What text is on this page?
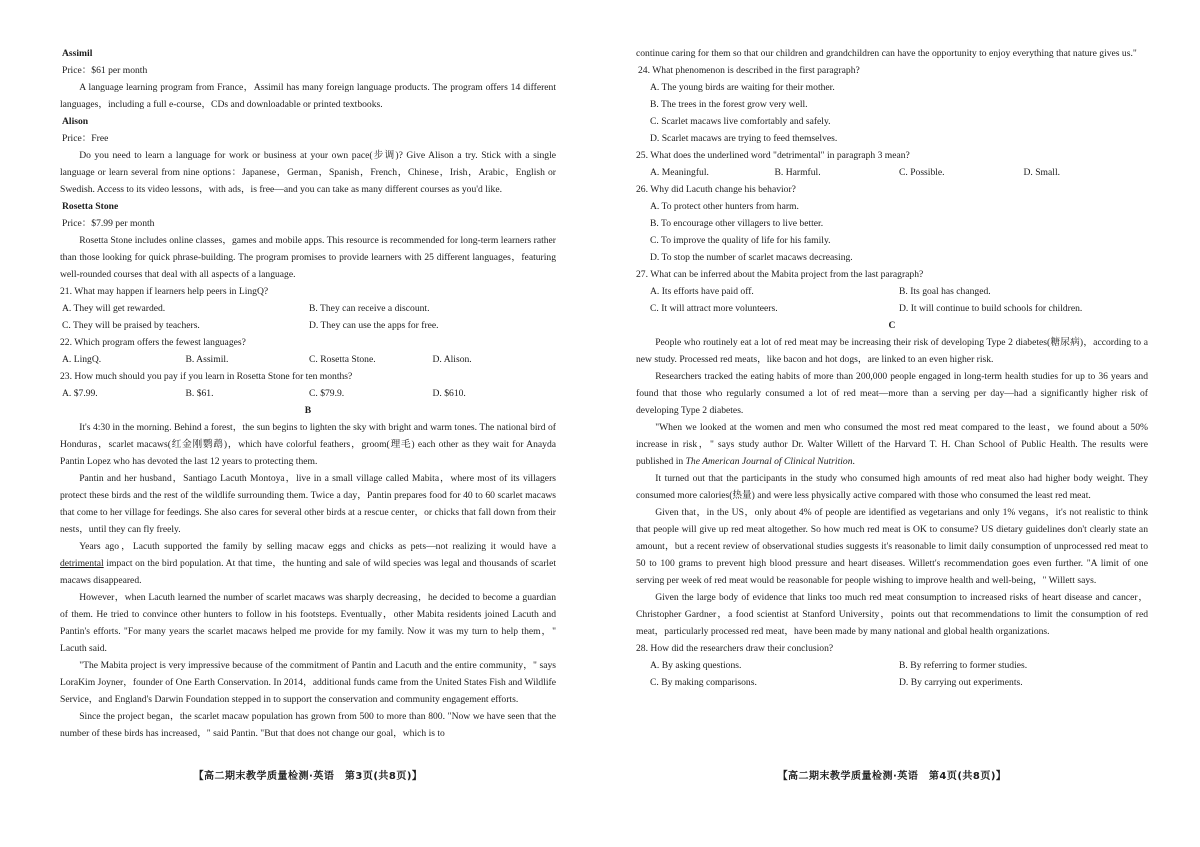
Assimil

Price：$61 per month

A language learning program from France，Assimil has many foreign language products. The program offers 14 different languages，including a full e-course，CDs and downloadable or printed textbooks.

Alison

Price：Free

Do you need to learn a language for work or business at your own pace(步调)? Give Alison a try. Stick with a single language or learn several from nine options：Japanese，German，Spanish，French，Chinese，Irish，Arabic，English or Swedish. Access to its video lessons，with ads，is free—and you can take as many different courses as you'd like.

Rosetta Stone

Price：$7.99 per month

Rosetta Stone includes online classes，games and mobile apps. This resource is recommended for long-term learners rather than those looking for quick phrase-building. The program promises to provide learners with 25 different languages，featuring well-rounded courses that deal with all aspects of a language.

21. What may happen if learners help peers in LingQ?

A. They will get rewarded.	B. They can receive a discount.
C. They will be praised by teachers.	D. They can use the apps for free.

22. Which program offers the fewest languages?

A. LingQ.	B. Assimil.	C. Rosetta Stone.	D. Alison.

23. How much should you pay if you learn in Rosetta Stone for ten months?

A. $7.99.	B. $61.	C. $79.9.	D. $610.

B

It's 4:30 in the morning. Behind a forest，the sun begins to lighten the sky with bright and warm tones. The national bird of Honduras，scarlet macaws(红金刚鹦鹉)，which have colorful feathers，groom(理毛) each other as they wait for Anayda Pantin Lopez who has devoted the last 12 years to protecting them.

Pantin and her husband，Santiago Lacuth Montoya，live in a small village called Mabita，where most of its villagers protect these birds and the rest of the wildlife surrounding them. Twice a day，Pantin prepares food for 40 to 60 scarlet macaws that come to her village for feedings. She also cares for several other birds at a rescue center，or chicks that fall down from their nests，until they can fly freely.

Years ago，Lacuth supported the family by selling macaw eggs and chicks as pets—not realizing it would have a detrimental impact on the bird population. At that time，the hunting and sale of wild species was legal and thousands of scarlet macaws disappeared.

However，when Lacuth learned the number of scarlet macaws was sharply decreasing，he decided to become a guardian of them. He tried to convince other hunters to follow in his footsteps. Eventually，other Mabita residents joined Lacuth and Pantin's efforts. "For many years the scarlet macaws helped me provide for my family. Now it was my turn to help them，" Lacuth said.

"The Mabita project is very impressive because of the commitment of Pantin and Lacuth and the entire community，" says LoraKim Joyner，founder of One Earth Conservation. In 2014，additional funds came from the United States Fish and Wildlife Service，and England's Darwin Foundation stepped in to support the conservation and community engagement efforts.

Since the project began，the scarlet macaw population has grown from 500 to more than 800. "Now we have seen that the number of these birds has increased，" said Pantin. "But that does not change our goal，which is to

【高二期末教学质量检测·英语　第3页(共8页)】

continue caring for them so that our children and grandchildren can have the opportunity to enjoy everything that nature gives us."

24. What phenomenon is described in the first paragraph?

A. The young birds are waiting for their mother.

B. The trees in the forest grow very well.

C. Scarlet macaws live comfortably and safely.

D. Scarlet macaws are trying to feed themselves.

25. What does the underlined word "detrimental" in paragraph 3 mean?

A. Meaningful.	B. Harmful.	C. Possible.	D. Small.

26. Why did Lacuth change his behavior?

A. To protect other hunters from harm.

B. To encourage other villagers to live better.

C. To improve the quality of life for his family.

D. To stop the number of scarlet macaws decreasing.

27. What can be inferred about the Mabita project from the last paragraph?

A. Its efforts have paid off.	B. Its goal has changed.
C. It will attract more volunteers.	D. It will continue to build schools for children.

C

People who routinely eat a lot of red meat may be increasing their risk of developing Type 2 diabetes(糖尿病)，according to a new study. Processed red meats，like bacon and hot dogs，are linked to an even higher risk.

Researchers tracked the eating habits of more than 200,000 people engaged in long-term health studies for up to 36 years and found that those who regularly consumed a lot of red meat—more than a serving per day—had a significantly higher risk of developing Type 2 diabetes.

"When we looked at the women and men who consumed the most red meat compared to the least，we found about a 50% increase in risk，" says study author Dr. Walter Willett of the Harvard T. H. Chan School of Public Health. The results were published in The American Journal of Clinical Nutrition.

It turned out that the participants in the study who consumed high amounts of red meat also had higher body weight. They consumed more calories(热量) and were less physically active compared with those who consumed the least red meat.

Given that，in the US，only about 4% of people are identified as vegetarians and only 1% vegans，it's not realistic to think that people will give up red meat altogether. So how much red meat is OK to consume? US dietary guidelines don't clearly state an amount，but a recent review of observational studies suggests it's reasonable to limit daily consumption of unprocessed red meat to 50 to 100 grams to prevent high blood pressure and heart diseases. Willett's recommendation goes even further. "A limit of one serving per week of red meat would be reasonable for people wishing to improve health and well-being，" Willett says.

Given the large body of evidence that links too much red meat consumption to increased risks of heart disease and cancer，Christopher Gardner，a food scientist at Stanford University，points out that recommendations to limit the consumption of red meat，particularly processed red meat，have been made by many national and global health organizations.

28. How did the researchers draw their conclusion?

A. By asking questions.	B. By referring to former studies.
C. By making comparisons.	D. By carrying out experiments.
【高二期末教学质量检测·英语　第4页(共8页)】
